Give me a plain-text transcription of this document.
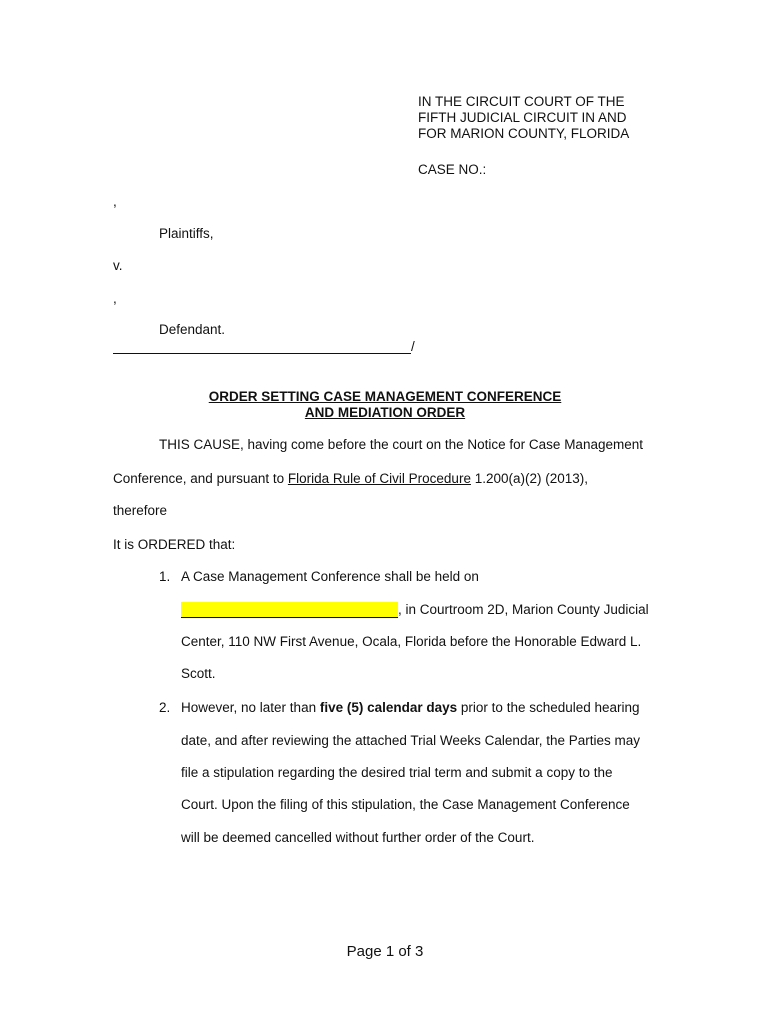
IN THE CIRCUIT COURT OF THE
FIFTH JUDICIAL CIRCUIT IN AND
FOR MARION COUNTY, FLORIDA
CASE NO.:
,
Plaintiffs,
v.
,
Defendant.
/
ORDER SETTING CASE MANAGEMENT CONFERENCE
AND MEDIATION ORDER
THIS CAUSE, having come before the court on the Notice for Case Management
Conference, and pursuant to Florida Rule of Civil Procedure 1.200(a)(2) (2013),
therefore
It is ORDERED that:
1. A Case Management Conference shall be held on
, in Courtroom 2D, Marion County Judicial
Center, 110 NW First Avenue, Ocala, Florida before the Honorable Edward L.
Scott.
2. However, no later than five (5) calendar days prior to the scheduled hearing
date, and after reviewing the attached Trial Weeks Calendar, the Parties may
file a stipulation regarding the desired trial term and submit a copy to the
Court. Upon the filing of this stipulation, the Case Management Conference
will be deemed cancelled without further order of the Court.
Page 1 of 3
